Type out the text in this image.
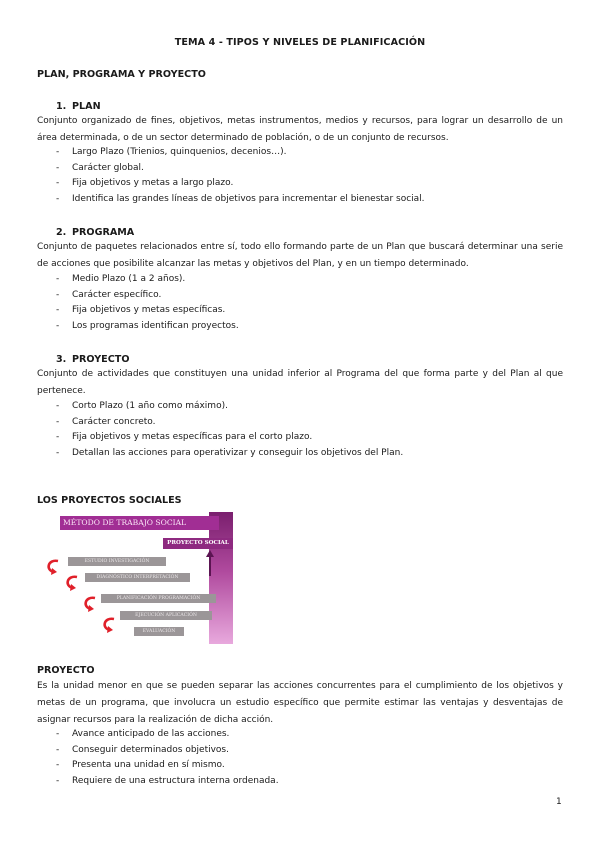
TEMA 4 - TIPOS Y NIVELES DE PLANIFICACIÓN
PLAN, PROGRAMA Y PROYECTO
1. PLAN

Conjunto organizado de fines, objetivos, metas instrumentos, medios y recursos, para lograr un desarrollo de un área determinada, o de un sector determinado de población, o de un conjunto de recursos.

- Largo Plazo (Trienios, quinquenios, decenios…).
- Carácter global.
- Fija objetivos y metas a largo plazo.
- Identifica las grandes líneas de objetivos para incrementar el bienestar social.
2. PROGRAMA

Conjunto de paquetes relacionados entre sí, todo ello formando parte de un Plan que buscará determinar una serie de acciones que posibilite alcanzar las metas y objetivos del Plan, y en un tiempo determinado.

- Medio Plazo (1 a 2 años).
- Carácter específico.
- Fija objetivos y metas específicas.
- Los programas identifican proyectos.
3. PROYECTO

Conjunto de actividades que constituyen una unidad inferior al Programa del que forma parte y del Plan al que pertenece.

- Corto Plazo (1 año como máximo).
- Carácter concreto.
- Fija objetivos y metas específicas para el corto plazo.
- Detallan las acciones para operativizar y conseguir los objetivos del Plan.
LOS PROYECTOS SOCIALES
MÉTODO DE TRABAJO SOCIAL
PROYECTO SOCIAL
ESTUDIO INVESTIGACIÓN
DIAGNÓSTICO INTERPRETACIÓN
PLANIFICACIÓN PROGRAMACIÓN
EJECUCIÓN APLICACIÓN
EVALUACIÓN
PROYECTO

Es la unidad menor en que se pueden separar las acciones concurrentes para el cumplimiento de los objetivos y metas de un programa, que involucra un estudio específico que permite estimar las ventajas y desventajas de asignar recursos para la realización de dicha acción.

- Avance anticipado de las acciones.
- Conseguir determinados objetivos.
- Presenta una unidad en sí mismo.
- Requiere de una estructura interna ordenada.
1
